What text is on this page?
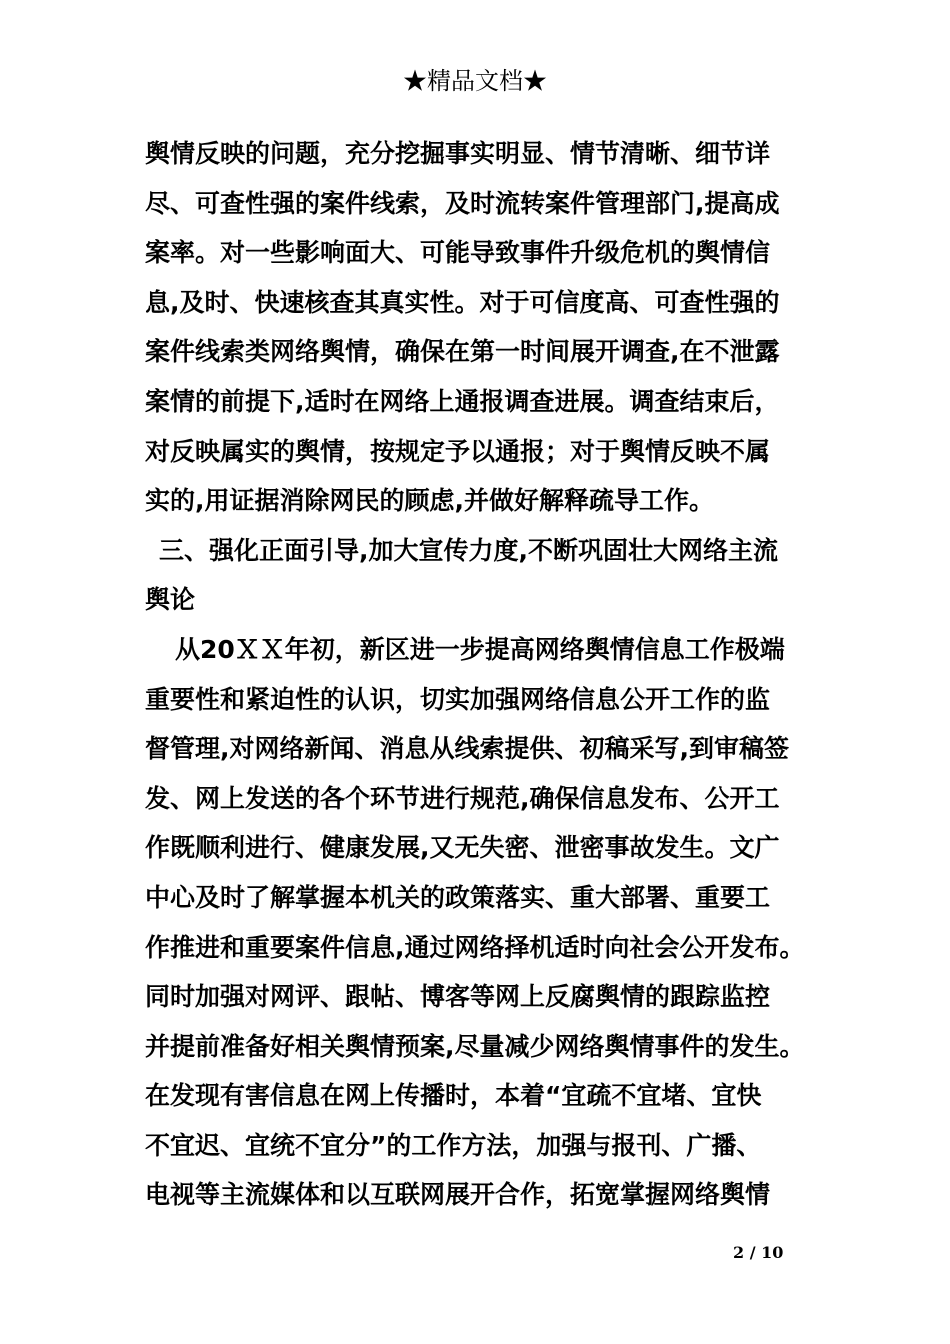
★精品文档★
舆情反映的问题，充分挖掘事实明显、情节清晰、细节详
尽、可查性强的案件线索，及时流转案件管理部门,提高成
案率。对一些影响面大、可能导致事件升级危机的舆情信
息,及时、快速核查其真实性。对于可信度高、可查性强的
案件线索类网络舆情，确保在第一时间展开调查,在不泄露
案情的前提下,适时在网络上通报调查进展。调查结束后，
对反映属实的舆情，按规定予以通报；对于舆情反映不属
实的,用证据消除网民的顾虑,并做好解释疏导工作。
三、强化正面引导,加大宣传力度,不断巩固壮大网络主流
舆论
从20ＸＸ年初，新区进一步提高网络舆情信息工作极端
重要性和紧迫性的认识，切实加强网络信息公开工作的监
督管理,对网络新闻、消息从线索提供、初稿采写,到审稿签
发、网上发送的各个环节进行规范,确保信息发布、公开工
作既顺利进行、健康发展,又无失密、泄密事故发生。文广
中心及时了解掌握本机关的政策落实、重大部署、重要工
作推进和重要案件信息,通过网络择机适时向社会公开发布。
同时加强对网评、跟帖、博客等网上反腐舆情的跟踪监控
并提前准备好相关舆情预案,尽量减少网络舆情事件的发生。
在发现有害信息在网上传播时，本着“宜疏不宜堵、宜快
不宜迟、宜统不宜分”的工作方法，加强与报刊、广播、
电视等主流媒体和以互联网展开合作，拓宽掌握网络舆情
2 / 10
